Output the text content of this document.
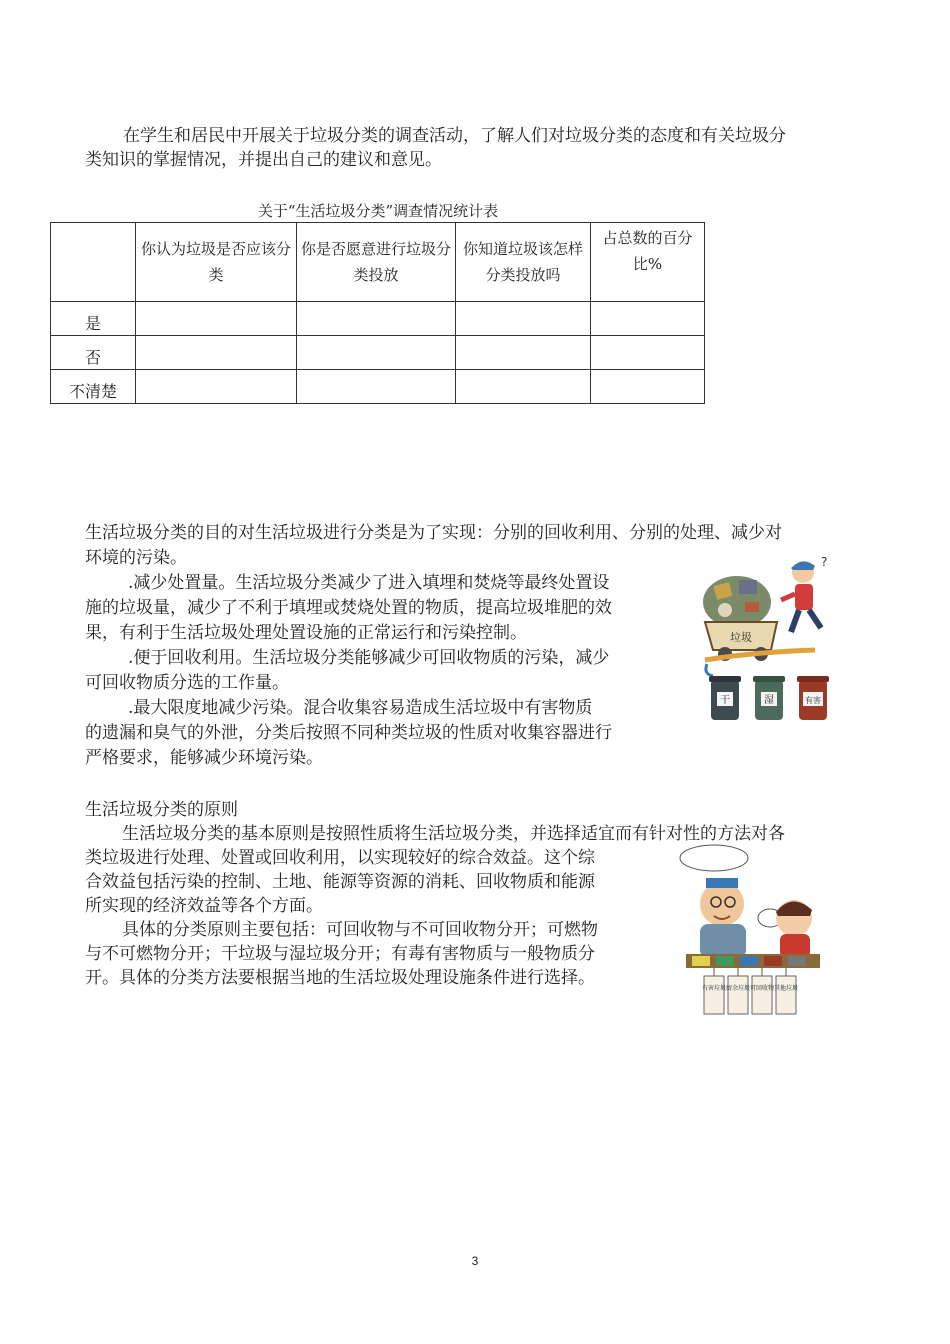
在学生和居民中开展关于垃圾分类的调查活动，了解人们对垃圾分类的态度和有关垃圾分
类知识的掌握情况，并提出自己的建议和意见。

关于“生活垃圾分类”调查情况统计表
	你认为垃圾是否应该分类	你是否愿意进行垃圾分类投放	你知道垃圾该怎样分类投放吗	占总数的百分比%
是				
否				
不清楚				
生活垃圾分类的目的对生活垃圾进行分类是为了实现：分别的回收利用、分别的处理、减少对
环境的污染。
.减少处置量。生活垃圾分类减少了进入填埋和焚烧等最终处置设
施的垃圾量，减少了不利于填埋或焚烧处置的物质，提高垃圾堆肥的效
果，有利于生活垃圾处理处置设施的正常运行和污染控制。
.便于回收利用。生活垃圾分类能够减少可回收物质的污染，减少
可回收物质分选的工作量。
.最大限度地减少污染。混合收集容易造成生活垃圾中有害物质
的遗漏和臭气的外泄，分类后按照不同种类垃圾的性质对收集容器进行
严格要求，能够减少环境污染。
垃圾
?
干	湿	有害
生活垃圾分类的原则
生活垃圾分类的基本原则是按照性质将生活垃圾分类，并选择适宜而有针对性的方法对各
类垃圾进行处理、处置或回收利用，以实现较好的综合效益。这个综
合效益包括污染的控制、土地、能源等资源的消耗、回收物质和能源
所实现的经济效益等各个方面。
具体的分类原则主要包括：可回收物与不可回收物分开；可燃物
与不可燃物分开；干垃圾与湿垃圾分开；有毒有害物质与一般物质分
开。具体的分类方法要根据当地的生活垃圾处理设施条件进行选择。
有害垃圾 厨余垃圾 可回收物 其他垃圾
3
